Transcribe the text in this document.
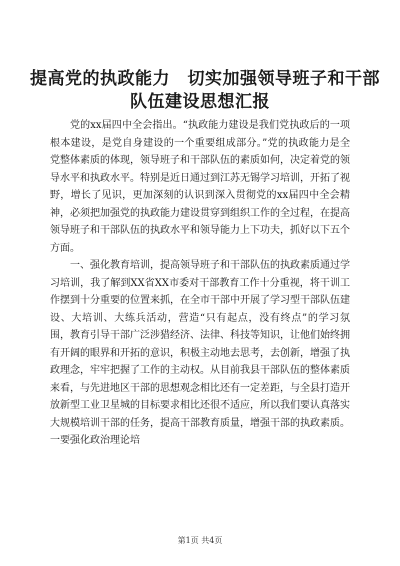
提高党的执政能力　切实加强领导班子和干部
队伍建设思想汇报

党的xx届四中全会指出。“执政能力建设是我们党执政后的一项根本建设，是党自身建设的一个重要组成部分。”党的执政能力是全党整体素质的体现，领导班子和干部队伍的素质如何，决定着党的领导水平和执政水平。特别是近日通过到江苏无锡学习培训，开拓了视野，增长了见识，更加深刻的认识到深入贯彻党的xx届四中全会精神，必须把加强党的执政能力建设贯穿到组织工作的全过程，在提高领导班子和干部队伍的执政水平和领导能力上下功夫，抓好以下五个方面。

一、强化教育培训，提高领导班子和干部队伍的执政素质通过学习培训，我了解到XX省XX市委对干部教育工作十分重视，将干训工作摆到十分重要的位置来抓，在全市干部中开展了学习型干部队伍建设、大培训、大练兵活动，营造“只有起点，没有终点”的学习氛围，教育引导干部广泛涉猎经济、法律、科技等知识，让他们始终拥有开阔的眼界和开拓的意识，积极主动地去思考，去创新，增强了执政理念，牢牢把握了工作的主动权。从目前我县干部队伍的整体素质来看，与先进地区干部的思想观念相比还有一定差距，与全县打造开放新型工业卫星城的目标要求相比还很不适应，所以我们要认真落实大规模培训干部的任务，提高干部教育质量，增强干部的执政素质。一要强化政治理论培

第1页 共4页
